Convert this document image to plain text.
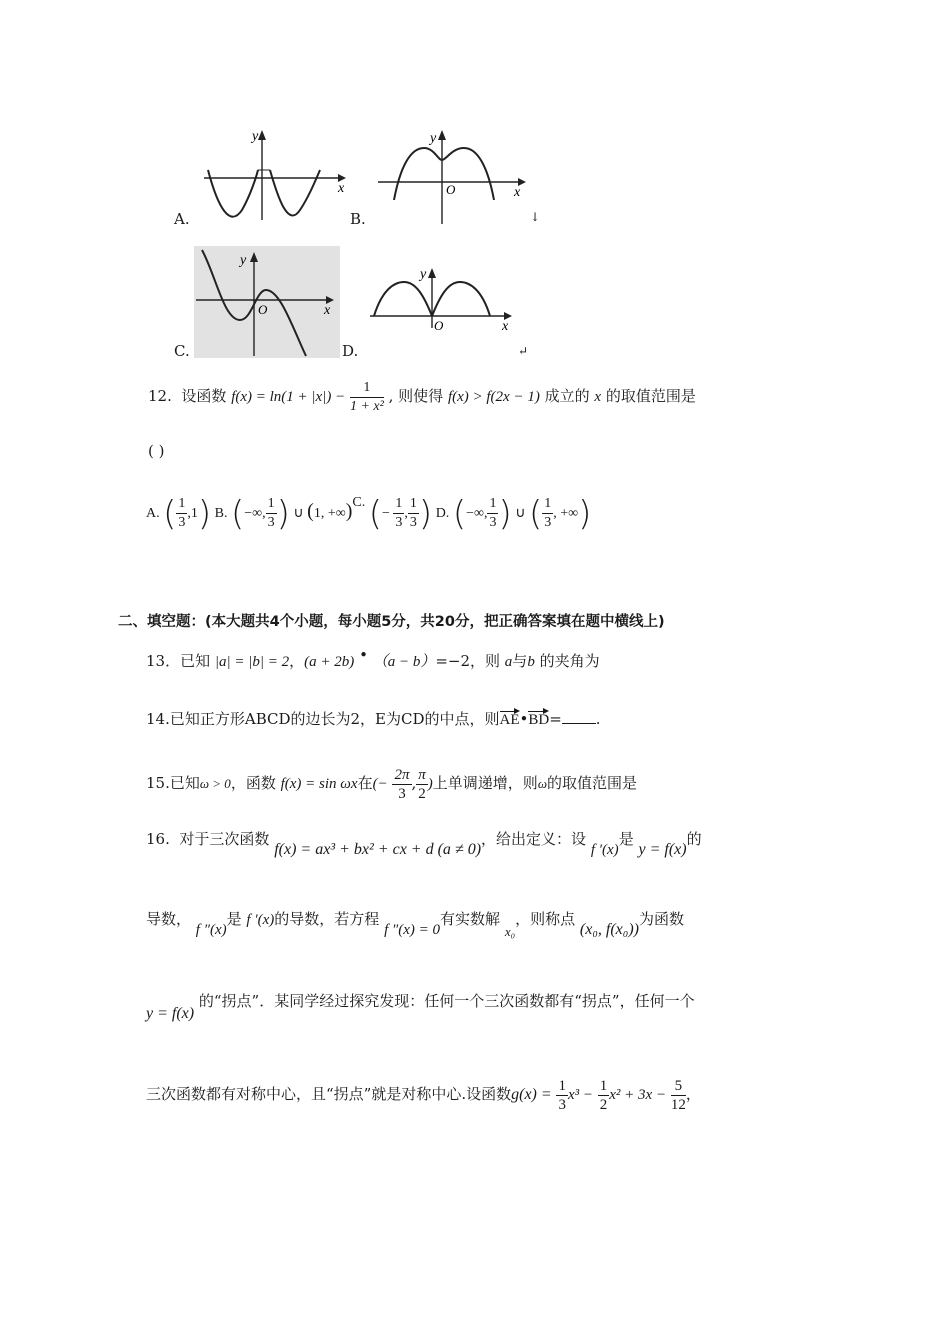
A.
y
x
B.
y
x
O
↓
C.
y
x
O
D.
y
x
O
↵
12. 设函数 $f(x) = \ln(1 + |x|) - \frac{1}{\text{1 + x²}}$ , 则使得 f(x) > f(2x − 1) 成立的 x 的取值范围是
( )
A. ( $\frac{1}{3} ,1$) B. (−∞, $\frac{1}{3}$ ) ∪ (1, +∞)C. (− $\frac{1}{3}$ , $\frac{1}{3}$ ) D. (−∞, $\frac{1}{3}$ ) ∪ ( $\frac{1}{3}$ , +∞)
二、填空题：(本大题共4个小题，每小题5分，共20分，把正确答案填在题中横线上)
13．已知 |a| = |b| = 2，(a + 2b) • （a − b）=−2，则 a与b 的夹角为
14.已知正方形ABCD的边长为2，E为CD的中点，则AE•BD= .
15.已知ω > 0，函数 f(x) = sin ωx在(− $\frac{2\pi}{3}$ , $\frac{\pi}{2}$ )上单调递增，则ω的取值范围是
16. 对于三次函数 f(x) = ax³ + bx² + cx + d (a ≠ 0)，给出定义：设 f ′(x)是 y = f(x)的
导数， f ″(x)是 f ′(x)的导数，若方程 f ″(x) = 0有实数解 x₀，则称点 (x₀, f(x₀))为函数
y = f(x) 的“拐点”．某同学经过探究发现：任何一个三次函数都有“拐点”，任何一个
三次函数都有对称中心，且“拐点”就是对称中心.设函数$g(x) = \frac{1}{3} x^3 - \frac{1}{2} x^2 + 3x - \frac{5}{12}$ ，
